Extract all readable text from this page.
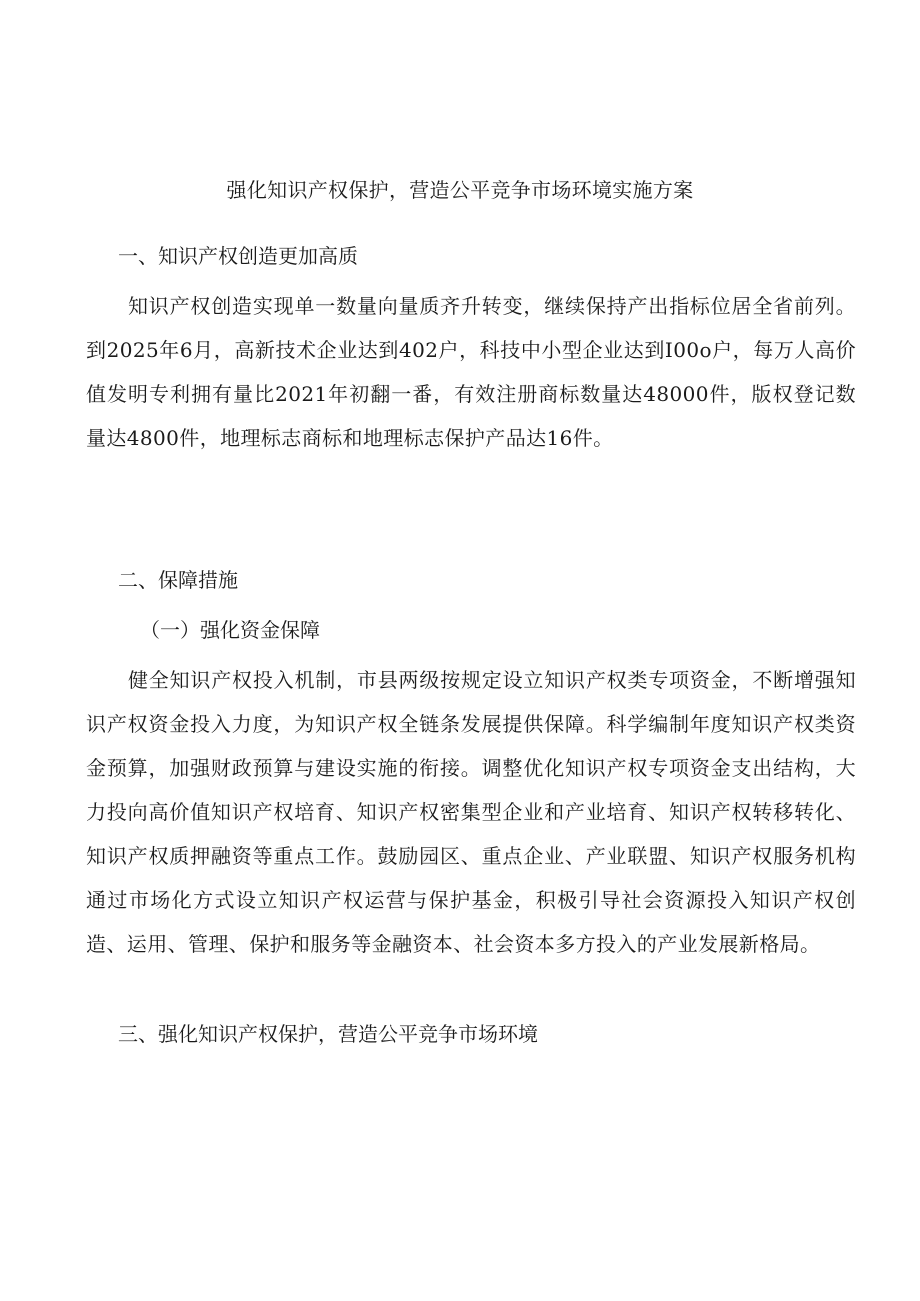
强化知识产权保护，营造公平竞争市场环境实施方案
一、知识产权创造更加高质

知识产权创造实现单一数量向量质齐升转变，继续保持产出指标位居全省前列。到2025年6月，高新技术企业达到402户，科技中小型企业达到I00o户，每万人高价值发明专利拥有量比2021年初翻一番，有效注册商标数量达48000件，版权登记数量达4800件，地理标志商标和地理标志保护产品达16件。

二、保障措施
（一）强化资金保障

健全知识产权投入机制，市县两级按规定设立知识产权类专项资金，不断增强知识产权资金投入力度，为知识产权全链条发展提供保障。科学编制年度知识产权类资金预算，加强财政预算与建设实施的衔接。调整优化知识产权专项资金支出结构，大力投向高价值知识产权培育、知识产权密集型企业和产业培育、知识产权转移转化、知识产权质押融资等重点工作。鼓励园区、重点企业、产业联盟、知识产权服务机构通过市场化方式设立知识产权运营与保护基金，积极引导社会资源投入知识产权创造、运用、管理、保护和服务等金融资本、社会资本多方投入的产业发展新格局。

三、强化知识产权保护，营造公平竞争市场环境
